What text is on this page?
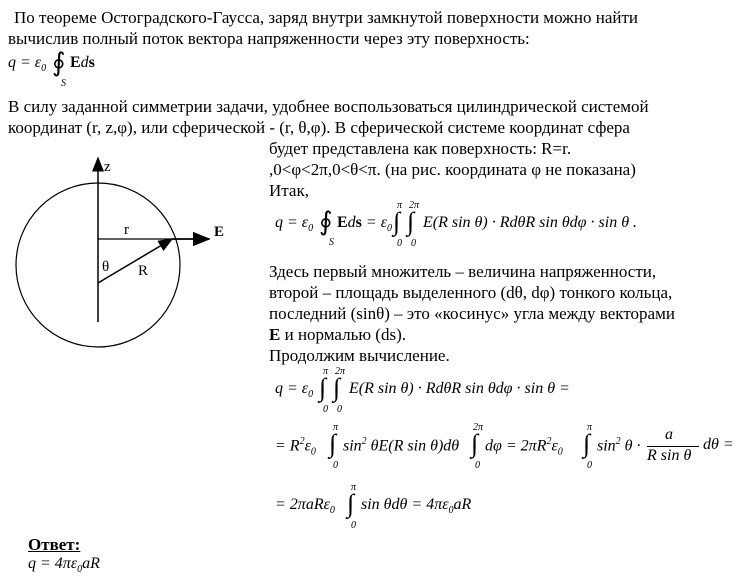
По теореме Остоградского-Гаусса, заряд внутри замкнутой поверхности можно найти
вычислив полный поток вектора напряженности через эту поверхность:
$q = \varepsilon_0$ ∮
S
Eds
В силу заданной симметрии задачи, удобнее воспользоваться цилиндрической системой
координат (r, z,φ), или сферической - (r, θ,φ). В сферической системе координат сфера
будет представлена как поверхность: R=r.
,0<φ<2π,0<θ<π. (на рис. координата φ не показана)
Итак,
$q = \varepsilon_0$ ∮
S
Eds = $\varepsilon_0$
π
∫
0
2π
∫
0
E(R sin θ) · RdθR sin θdφ · sin θ .
Здесь первый множитель – величина напряженности,
второй – площадь выделенного (dθ, dφ) тонкого кольца,
последний (sinθ) – это «косинус» угла между векторами
E и нормалью (ds).
Продолжим вычисление.
$q = \varepsilon_0$
π
∫
0
2π
∫
0
E(R sin θ) · RdθR sin θdφ · sin θ =
= $R^2\varepsilon_0$
π
∫
0
$\sin^2 \theta E(R$ sin θ)dθ
2π
∫
0
$d\varphi = 2\pi R^2\varepsilon_0$
π
∫
0
$\sin^2 \theta$ ·
a
R sin θ
dθ =
= 2πaRε$_0$
π
∫
0
$\sin \theta d\theta = 4\pi\varepsilon_0aR$
Ответ:
$q = 4\pi\varepsilon_0aR$
z
r	E
θ R
